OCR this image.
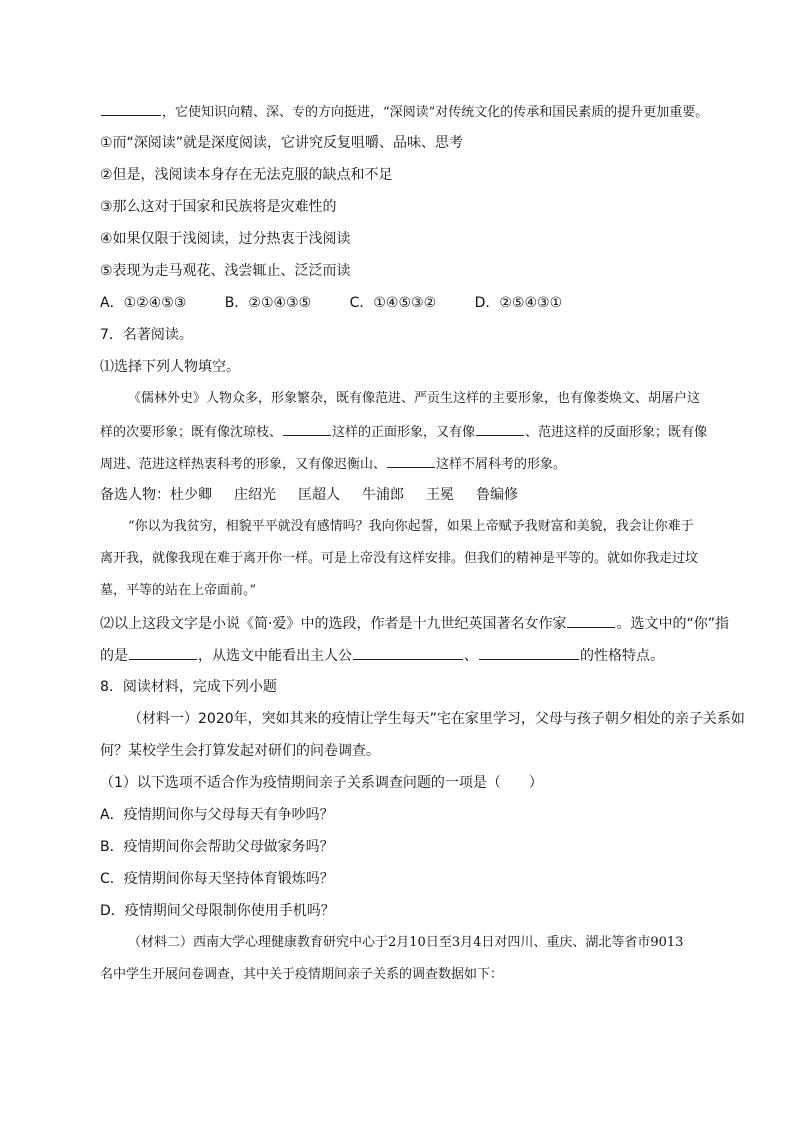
，它使知识向精、深、专的方向挺进，“深阅读”对传统文化的传承和国民素质的提升更加重要。
①而“深阅读”就是深度阅读，它讲究反复咀嚼、品味、思考
②但是，浅阅读本身存在无法克服的缺点和不足
③那么这对于国家和民族将是灾难性的
④如果仅限于浅阅读，过分热衷于浅阅读
⑤表现为走马观花、浅尝辄止、泛泛而读
A．①②④⑤③	B．②①④③⑤	C．①④⑤③②	D．②⑤④③①
7．名著阅读。
⑴选择下列人物填空。
《儒林外史》人物众多，形象繁杂，既有像范进、严贡生这样的主要形象，也有像娄焕文、胡屠户这
样的次要形象；既有像沈琼枝、	这样的正面形象，又有像	、范进这样的反面形象；既有像
周进、范进这样热衷科考的形象，又有像迟衡山、	这样不屑科考的形象。
备选人物：杜少卿 庄绍光 匡超人 牛浦郎 王冕 鲁编修
“你以为我贫穷，相貌平平就没有感情吗？我向你起誓，如果上帝赋予我财富和美貌，我会让你难于
离开我，就像我现在难于离开你一样。可是上帝没有这样安排。但我们的精神是平等的。就如你我走过坟
墓，平等的站在上帝面前。”
⑵以上这段文字是小说《简·爱》中的选段，作者是十九世纪英国著名女作家	。选文中的“你”指
的是	，从选文中能看出主人公	、	的性格特点。
8．阅读材料，完成下列小题
（材料一）2020年，突如其来的疫情让学生每天”宅在家里学习，父母与孩子朝夕相处的亲子关系如
何？某校学生会打算发起对研们的问卷调查。
（1）以下选项不适合作为疫情期间亲子关系调查问题的一项是（　　）
A．疫情期间你与父母每天有争吵吗？
B．疫情期间你会帮助父母做家务吗？
C．疫情期间你每天坚持体育锻炼吗？
D．疫情期间父母限制你使用手机吗？
（材料二）西南大学心理健康教育研究中心于2月10日至3月4日对四川、重庆、湖北等省市9013
名中学生开展问卷调查，其中关于疫情期间亲子关系的调查数据如下：
